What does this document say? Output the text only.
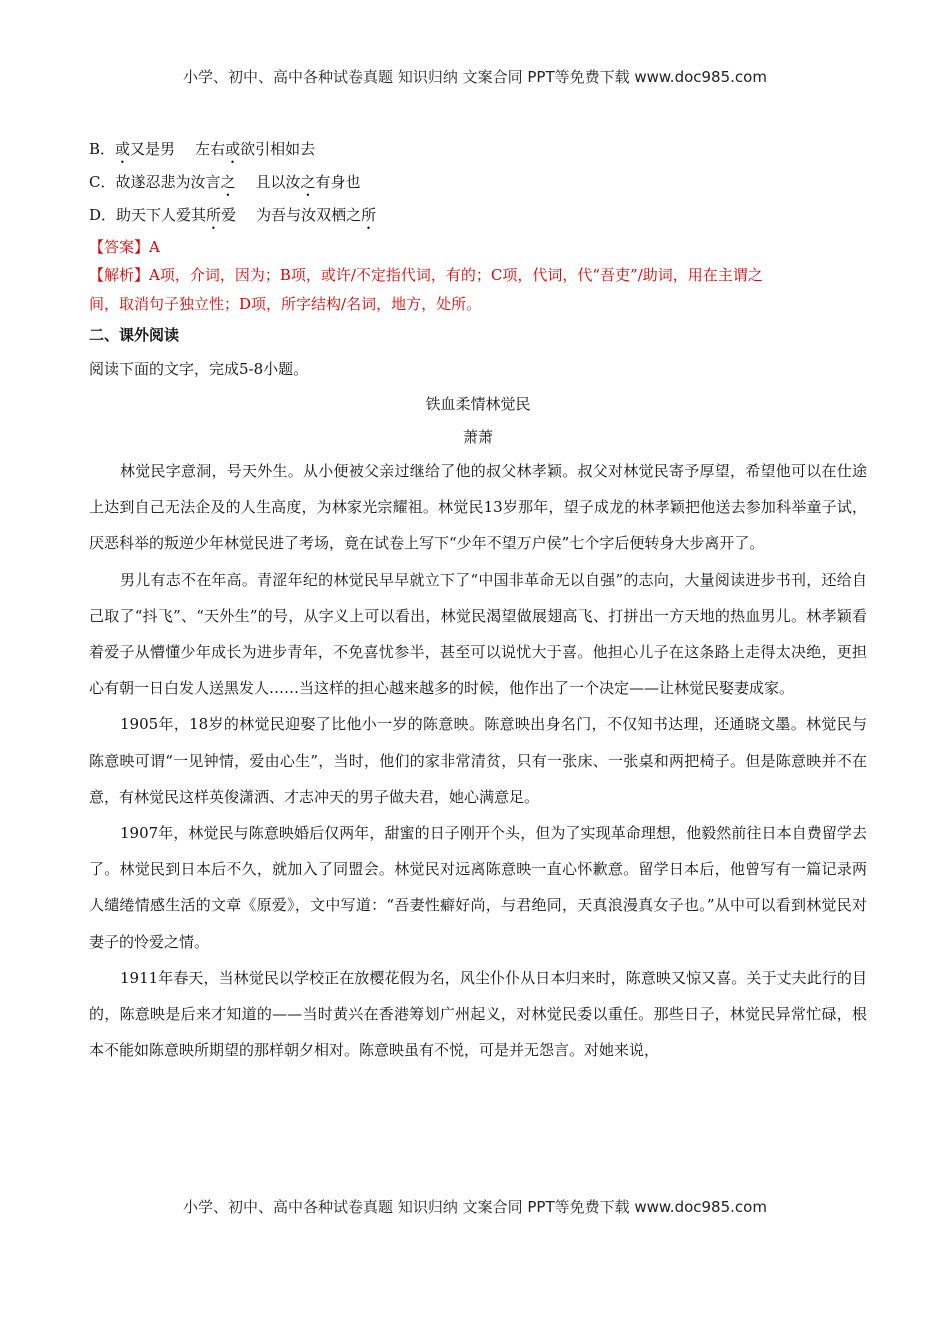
小学、初中、高中各种试卷真题 知识归纳 文案合同 PPT等免费下载 www.doc985.com

B．或又是男 左右或欲引相如去

C．故遂忍悲为汝言之 且以汝之有身也

D．助天下人爱其所爱 为吾与汝双栖之所

【答案】A

【解析】A项，介词，因为；B项，或许/不定指代词，有的；C项，代词，代“吾吏”/助词，用在主谓之

间，取消句子独立性；D项，所字结构/名词，地方，处所。

二、课外阅读

阅读下面的文字，完成5-8小题。

铁血柔情林觉民

萧萧

林觉民字意洞，号天外生。从小便被父亲过继给了他的叔父林孝颖。叔父对林觉民寄予厚望，希望他可以在仕途上达到自己无法企及的人生高度，为林家光宗耀祖。林觉民13岁那年，望子成龙的林孝颖把他送去参加科举童子试，厌恶科举的叛逆少年林觉民进了考场，竟在试卷上写下“少年不望万户侯”七个字后便转身大步离开了。

男儿有志不在年高。青涩年纪的林觉民早早就立下了“中国非革命无以自强”的志向，大量阅读进步书刊，还给自己取了“抖飞”、“天外生”的号，从字义上可以看出，林觉民渴望做展翅高飞、打拼出一方天地的热血男儿。林孝颖看着爱子从懵懂少年成长为进步青年，不免喜忧参半，甚至可以说忧大于喜。他担心儿子在这条路上走得太决绝，更担心有朝一日白发人送黑发人……当这样的担心越来越多的时候，他作出了一个决定——让林觉民娶妻成家。

1905年，18岁的林觉民迎娶了比他小一岁的陈意映。陈意映出身名门，不仅知书达理，还通晓文墨。林觉民与陈意映可谓“一见钟情，爱由心生”，当时，他们的家非常清贫，只有一张床、一张桌和两把椅子。但是陈意映并不在意，有林觉民这样英俊潇洒、才志冲天的男子做夫君，她心满意足。

1907年，林觉民与陈意映婚后仅两年，甜蜜的日子刚开个头，但为了实现革命理想，他毅然前往日本自费留学去了。林觉民到日本后不久，就加入了同盟会。林觉民对远离陈意映一直心怀歉意。留学日本后，他曾写有一篇记录两人缱绻情感生活的文章《原爱》，文中写道：“吾妻性癖好尚，与君绝同，天真浪漫真女子也。”从中可以看到林觉民对妻子的怜爱之情。

1911年春天，当林觉民以学校正在放樱花假为名，风尘仆仆从日本归来时，陈意映又惊又喜。关于丈夫此行的目的，陈意映是后来才知道的——当时黄兴在香港筹划广州起义，对林觉民委以重任。那些日子，林觉民异常忙碌，根本不能如陈意映所期望的那样朝夕相对。陈意映虽有不悦，可是并无怨言。对她来说，

小学、初中、高中各种试卷真题 知识归纳 文案合同 PPT等免费下载 www.doc985.com
